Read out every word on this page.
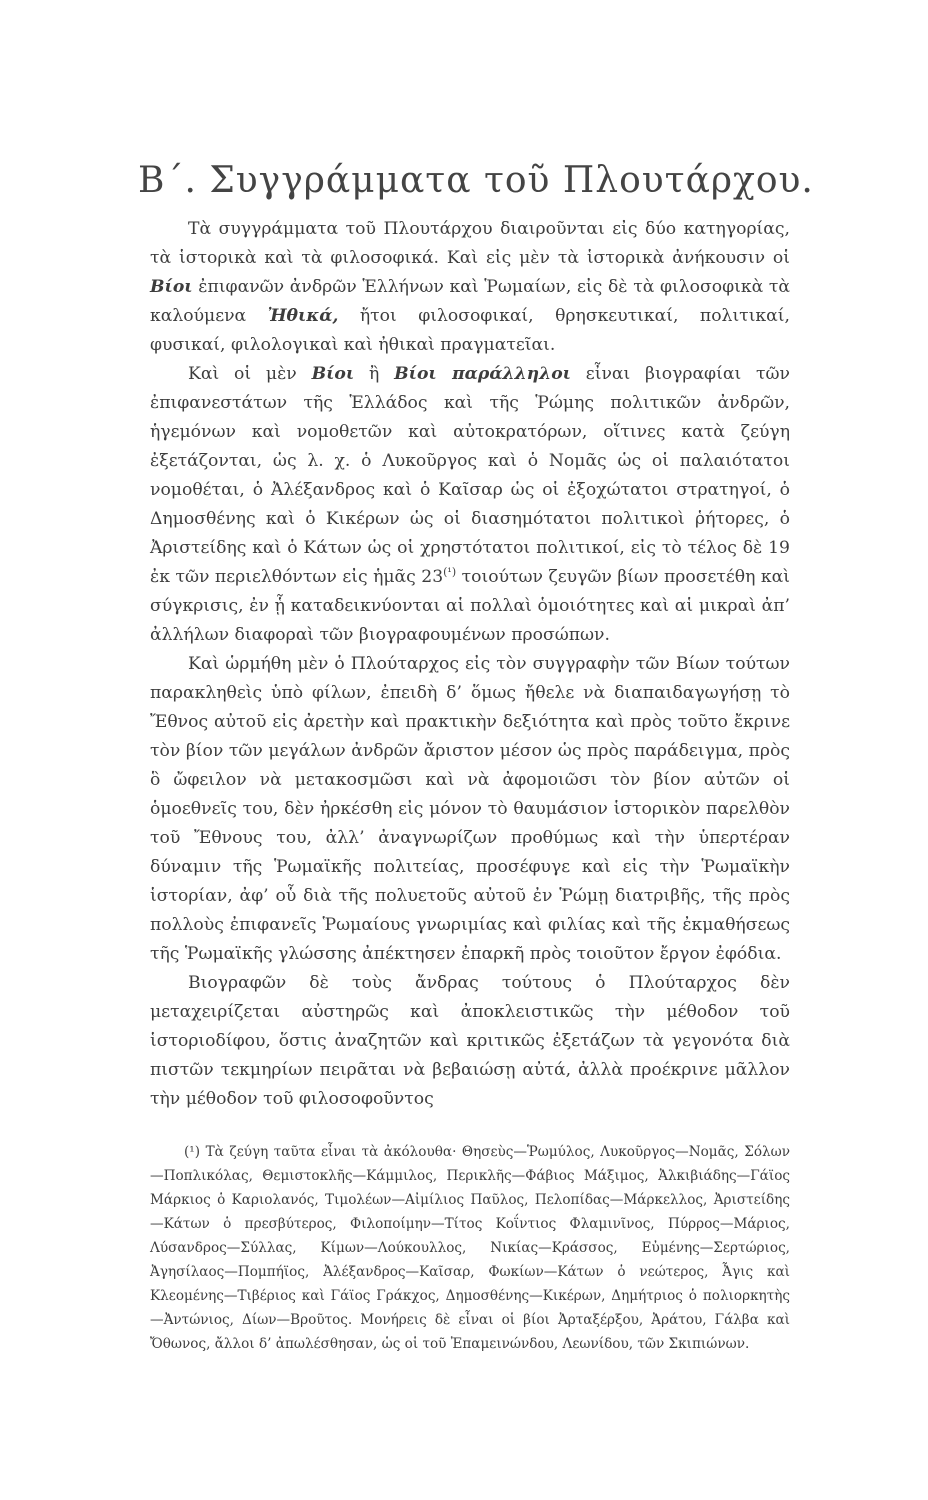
Β΄. Συγγράμματα τοῦ Πλουτάρχου.

Τὰ συγγράμματα τοῦ Πλουτάρχου διαιροῦνται εἰς δύο κατηγορίας, τὰ ἱστορικὰ καὶ τὰ φιλοσοφικά. Καὶ εἰς μὲν τὰ ἱστορικὰ ἀνήκουσιν οἱ Βίοι ἐπιφανῶν ἀνδρῶν Ἑλλήνων καὶ Ῥωμαίων, εἰς δὲ τὰ φιλοσοφικὰ τὰ καλούμενα Ἠθικά, ἤτοι φιλοσοφικαί, θρησκευτικαί, πολιτικαί, φυσικαί, φιλολογικαὶ καὶ ἠθικαὶ πραγματεῖαι.

Καὶ οἱ μὲν Βίοι ἢ Βίοι παράλληλοι εἶναι βιογραφίαι τῶν ἐπιφανεστάτων τῆς Ἑλλάδος καὶ τῆς Ῥώμης πολιτικῶν ἀνδρῶν, ἡγεμόνων καὶ νομοθετῶν καὶ αὐτοκρατόρων, οἵτινες κατὰ ζεύγη ἐξετάζονται, ὡς λ. χ. ὁ Λυκοῦργος καὶ ὁ Νομᾶς ὡς οἱ παλαιότατοι νομοθέται, ὁ Ἀλέξανδρος καὶ ὁ Καῖσαρ ὡς οἱ ἐξοχώτατοι στρατηγοί, ὁ Δημοσθένης καὶ ὁ Κικέρων ὡς οἱ διασημότατοι πολιτικοὶ ῥήτορες, ὁ Ἀριστείδης καὶ ὁ Κάτων ὡς οἱ χρηστότατοι πολιτικοί, εἰς τὸ τέλος δὲ 19 ἐκ τῶν περιελθόντων εἰς ἡμᾶς $23^{(^1)}$ τοιούτων ζευγῶν βίων προσετέθη καὶ σύγκρισις, ἐν ᾗ καταδεικνύονται αἱ πολλαὶ ὁμοιότητες καὶ αἱ μικραὶ ἀπ’ ἀλλήλων διαφοραὶ τῶν βιογραφουμένων προσώπων.

Καὶ ὡρμήθη μὲν ὁ Πλούταρχος εἰς τὸν συγγραφὴν τῶν Βίων τούτων παρακληθεὶς ὑπὸ φίλων, ἐπειδὴ δ’ ὅμως ἤθελε νὰ διαπαιδαγωγήσῃ τὸ Ἔθνος αὐτοῦ εἰς ἀρετὴν καὶ πρακτικὴν δεξιότητα καὶ πρὸς τοῦτο ἔκρινε τὸν βίον τῶν μεγάλων ἀνδρῶν ἄριστον μέσον ὡς πρὸς παράδειγμα, πρὸς ὃ ὤφειλον νὰ μετακοσμῶσι καὶ νὰ ἀφομοιῶσι τὸν βίον αὐτῶν οἱ ὁμοεθνεῖς του, δὲν ἠρκέσθη εἰς μόνον τὸ θαυμάσιον ἱστορικὸν παρελθὸν τοῦ Ἔθνους του, ἀλλ’ ἀναγνωρίζων προθύμως καὶ τὴν ὑπερτέραν δύναμιν τῆς Ῥωμαϊκῆς πολιτείας, προσέφυγε καὶ εἰς τὴν Ῥωμαϊκὴν ἱστορίαν, ἀφ’ οὗ διὰ τῆς πολυετοῦς αὐτοῦ ἐν Ῥώμῃ διατριβῆς, τῆς πρὸς πολλοὺς ἐπιφανεῖς Ῥωμαίους γνωριμίας καὶ φιλίας καὶ τῆς ἐκμαθήσεως τῆς Ῥωμαϊκῆς γλώσσης ἀπέκτησεν ἐπαρκῆ πρὸς τοιοῦτον ἔργον ἐφόδια.

Βιογραφῶν δὲ τοὺς ἄνδρας τούτους ὁ Πλούταρχος δὲν μεταχειρίζεται αὐστηρῶς καὶ ἀποκλειστικῶς τὴν μέθοδον τοῦ ἱστοριοδίφου, ὅστις ἀναζητῶν καὶ κριτικῶς ἐξετάζων τὰ γεγονότα διὰ πιστῶν τεκμηρίων πειρᾶται νὰ βεβαιώσῃ αὐτά, ἀλλὰ προέκρινε μᾶλλον τὴν μέθοδον τοῦ φιλοσοφοῦντος

(¹) Τὰ ζεύγη ταῦτα εἶναι τὰ ἀκόλουθα· Θησεὺς—Ῥωμύλος, Λυκοῦργος—Νομᾶς, Σόλων—Ποπλικόλας, Θεμιστοκλῆς—Κάμμιλος, Περικλῆς—Φάβιος Μάξιμος, Ἀλκιβιάδης—Γάϊος Μάρκιος ὁ Καριολανός, Τιμολέων—Αἰμίλιος Παῦλος, Πελοπίδας—Μάρκελλος, Ἀριστείδης—Κάτων ὁ πρεσβύτερος, Φιλοποίμην—Τίτος Κοΐντιος Φλαμινῖνος, Πύρρος—Μάριος, Λύσανδρος—Σύλλας, Κίμων—Λούκουλλος, Νικίας—Κράσσος, Εὐμένης—Σερτώριος, Ἀγησίλαος—Πομπήϊος, Ἀλέξανδρος—Καῖσαρ, Φωκίων—Κάτων ὁ νεώτερος, Ἆγις καὶ Κλεομένης—Τιβέριος καὶ Γάϊος Γράκχος, Δημοσθένης—Κικέρων, Δημήτριος ὁ πολιορκητὴς—Ἀντώνιος, Δίων—Βροῦτος. Μονήρεις δὲ εἶναι οἱ βίοι Ἀρταξέρξου, Ἀράτου, Γάλβα καὶ Ὄθωνος, ἄλλοι δ’ ἀπωλέσθησαν, ὡς οἱ τοῦ Ἐπαμεινώνδου, Λεωνίδου, τῶν Σκιπιώνων.
